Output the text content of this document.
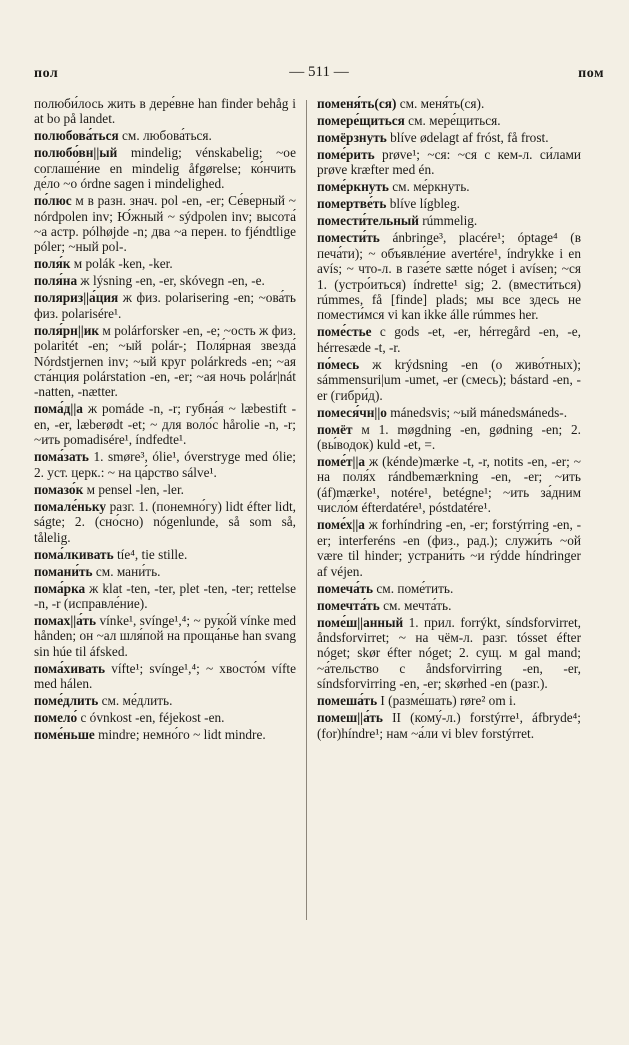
пол	— 511 —	пом

полюби́лось жить в дере́вне han finder behåg i at bo på landet.

полюбова́ться см. любова́ться.

полюбо́вн||ый mindelig; vénskabelig; ~ое соглаше́ние en mindelig åfgørelse; ко́нчить де́ло ~о órdne sagen i mindelighed.

по́люс м в разн. знач. pol -en, -er; Се́верный ~ nórdpolen inv; Ю́жный ~ sýdpolen inv; высота́ ~а астр. pólhøjde -n; два ~а перен. to fjéndtlige póler; ~ный pol-.

поля́к м polák -ken, -ker.

поля́на ж lýsning -en, -er, skóvegn -en, -e.

поляриз||а́ция ж физ. polarisering -en; ~ова́ть физ. polarisére¹.

поля́рн||ик м polárforsker -en, -e; ~ость ж физ. polaritét -en; ~ый polár-; Поля́рная звезда́ Nórdstjernen inv; ~ый круг polárkreds -en; ~ая ста́нция polárstation -en, -er; ~ая ночь polár|nát -natten, -nætter.

пома́д||а ж pomáde -n, -r; губна́я ~ læbestift -en, -er, læberødt -et; ~ для воло́с hårolie -n, -r; ~ить pomadisére¹, índfedte¹.

пома́зать 1. smøre³, ólie¹, óverstryge med ólie; 2. уст. церк.: ~ на ца́рство sálve¹.

помазо́к м pensel -len, -ler.

помале́ньку разг. 1. (понемно́гу) lidt éfter lidt, ságte; 2. (сно́сно) nógenlunde, så som så, tålelig.

пома́лкивать tíe⁴, tie stille.

помани́ть см. мани́ть.

пома́рка ж klat -ten, -ter, plet -ten, -ter; rettelse -n, -r (исправле́ние).

помах||а́ть vínke¹, svínge¹,⁴; ~ руко́й vínke med hånden; он ~ал шля́пой на проща́нье han svang sin húe til áfsked.

пома́хивать vífte¹; svínge¹,⁴; ~ хвосто́м vífte med hálen.

поме́длить см. ме́длить.

помело́ с óvnkost -en, féjekost -en.

поме́ньше mindre; немно́го ~ lidt mindre.

поменя́ть(ся) см. меня́ть(ся).

помере́щиться см. мере́щиться.

помёрзнуть blíve ødelagt af fróst, få frost.

поме́рить prøve¹; ~ся: ~ся с кем-л. си́лами prøve kræfter med én.

поме́ркнуть см. ме́ркнуть.

помертве́ть blíve lígbleg.

помести́тельный rúmmelig.

помести́ть ánbringe³, placére¹; óptage⁴ (в печа́ти); ~ объявле́ние avertére¹, índrykke i en avís; ~ что-л. в газе́те sætte nóget i avísen; ~ся 1. (устро́иться) índrette¹ sig; 2. (вмести́ться) rúmmes, få [finde] plads; мы все здесь не помести́мся vi kan ikke álle rúmmes her.

поме́стье с gods -et, -er, hérregård -en, -e, hérresæde -t, -r.

по́месь ж krýdsning -en (о живо́тных); sámmensuri|um -umet, -er (смесь); bástard -en, -er (гибри́д).

помеся́чн||о mánedsvis; ~ый mánedsмánеds-.

помёт м 1. møgdning -en, gødning -en; 2. (вы́водок) kuld -et, =.

поме́т||а ж (kénde)mærke -t, -r, notits -en, -er; ~ на поля́х rándbemærkning -en, -er; ~ить (áf)mærke¹, notére¹, betégne¹; ~ить за́дним число́м éfterdatére¹, póstdatére¹.

поме́х||а ж forhíndring -en, -er; forstýrring -en, -er; interferéns -en (физ., рад.); служи́ть ~ой være til hinder; устрани́ть ~и rýdde híndringer af véjen.

помеча́ть см. поме́тить.

помечта́ть см. мечта́ть.

поме́ш||анный 1. прил. forrýkt, síndsforvirret, åndsforvirret; ~ на чём-л. разг. tósset éfter nóget; skør éfter nóget; 2. сущ. м gal mand; ~а́тельство с åndsforvirring -en, -er, síndsforvirring -en, -er; skørhed -en (разг.).

помеша́ть I (разме́шать) røre² om i.

помеш||а́ть II (кому́-л.) forstýrre¹, áfbryde⁴; (for)híndre¹; нам ~а́ли vi blev forstýrret.
